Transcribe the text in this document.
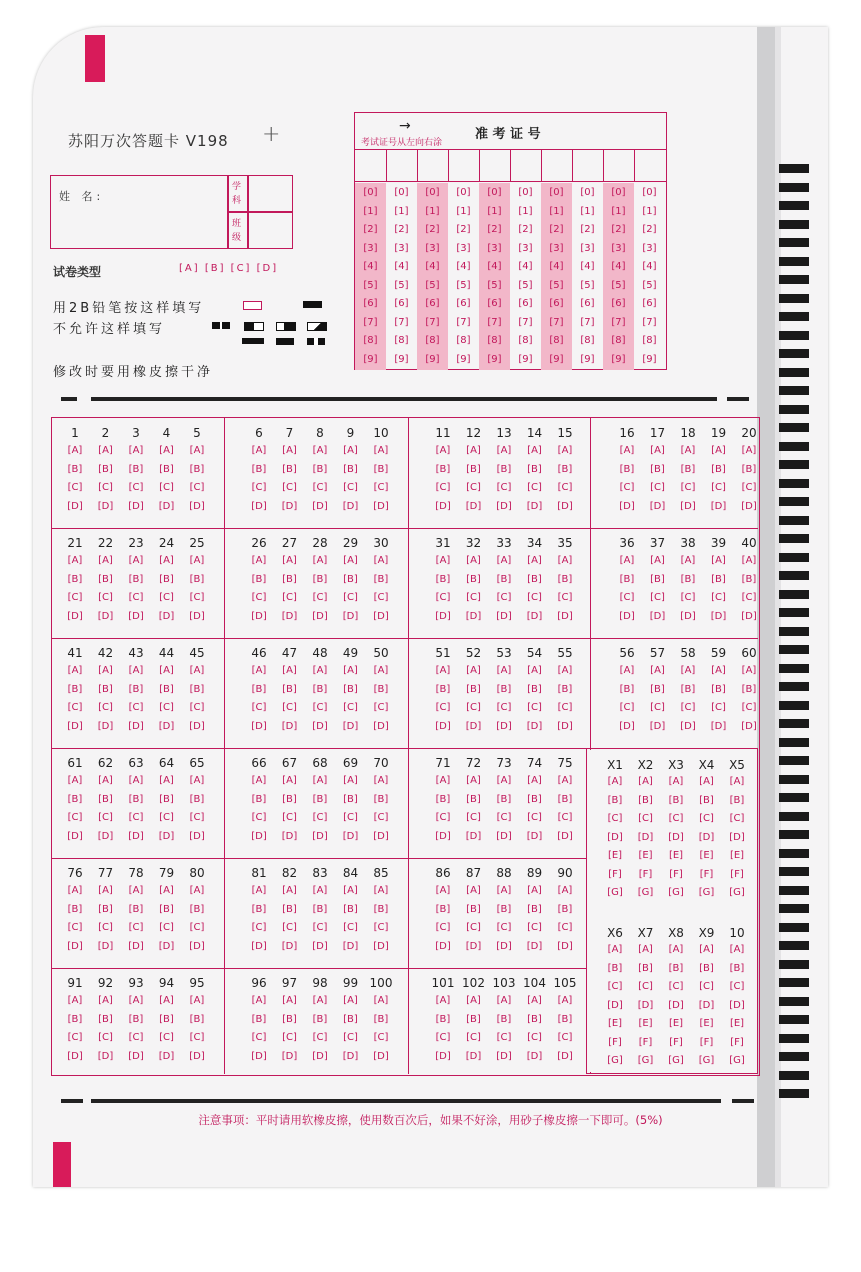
苏阳万次答题卡 V198 +
姓 名:
学
科
班
级
试卷类型	[A] [B] [C] [D]
用2B铅笔按这样填写
不允许这样填写
修改时要用橡皮擦干净
→
考试证号从左向右涂
准 考 证 号
[0]
[1]
[2]
[3]
[4]
[5]
[6]
[7]
[8]
[9]
[0]
[1]
[2]
[3]
[4]
[5]
[6]
[7]
[8]
[9]
[0]
[1]
[2]
[3]
[4]
[5]
[6]
[7]
[8]
[9]
[0]
[1]
[2]
[3]
[4]
[5]
[6]
[7]
[8]
[9]
[0]
[1]
[2]
[3]
[4]
[5]
[6]
[7]
[8]
[9]
[0]
[1]
[2]
[3]
[4]
[5]
[6]
[7]
[8]
[9]
[0]
[1]
[2]
[3]
[4]
[5]
[6]
[7]
[8]
[9]
[0]
[1]
[2]
[3]
[4]
[5]
[6]
[7]
[8]
[9]
[0]
[1]
[2]
[3]
[4]
[5]
[6]
[7]
[8]
[9]
[0]
[1]
[2]
[3]
[4]
[5]
[6]
[7]
[8]
[9]
1
[A]
[B]
[C]
[D]
2
[A]
[B]
[C]
[D]
3
[A]
[B]
[C]
[D]
4
[A]
[B]
[C]
[D]
5
[A]
[B]
[C]
[D]
6
[A]
[B]
[C]
[D]
7
[A]
[B]
[C]
[D]
8
[A]
[B]
[C]
[D]
9
[A]
[B]
[C]
[D]
10
[A]
[B]
[C]
[D]
11
[A]
[B]
[C]
[D]
12
[A]
[B]
[C]
[D]
13
[A]
[B]
[C]
[D]
14
[A]
[B]
[C]
[D]
15
[A]
[B]
[C]
[D]
16
[A]
[B]
[C]
[D]
17
[A]
[B]
[C]
[D]
18
[A]
[B]
[C]
[D]
19
[A]
[B]
[C]
[D]
20
[A]
[B]
[C]
[D]
21
[A]
[B]
[C]
[D]
22
[A]
[B]
[C]
[D]
23
[A]
[B]
[C]
[D]
24
[A]
[B]
[C]
[D]
25
[A]
[B]
[C]
[D]
26
[A]
[B]
[C]
[D]
27
[A]
[B]
[C]
[D]
28
[A]
[B]
[C]
[D]
29
[A]
[B]
[C]
[D]
30
[A]
[B]
[C]
[D]
31
[A]
[B]
[C]
[D]
32
[A]
[B]
[C]
[D]
33
[A]
[B]
[C]
[D]
34
[A]
[B]
[C]
[D]
35
[A]
[B]
[C]
[D]
36
[A]
[B]
[C]
[D]
37
[A]
[B]
[C]
[D]
38
[A]
[B]
[C]
[D]
39
[A]
[B]
[C]
[D]
40
[A]
[B]
[C]
[D]
41
[A]
[B]
[C]
[D]
42
[A]
[B]
[C]
[D]
43
[A]
[B]
[C]
[D]
44
[A]
[B]
[C]
[D]
45
[A]
[B]
[C]
[D]
46
[A]
[B]
[C]
[D]
47
[A]
[B]
[C]
[D]
48
[A]
[B]
[C]
[D]
49
[A]
[B]
[C]
[D]
50
[A]
[B]
[C]
[D]
51
[A]
[B]
[C]
[D]
52
[A]
[B]
[C]
[D]
53
[A]
[B]
[C]
[D]
54
[A]
[B]
[C]
[D]
55
[A]
[B]
[C]
[D]
56
[A]
[B]
[C]
[D]
57
[A]
[B]
[C]
[D]
58
[A]
[B]
[C]
[D]
59
[A]
[B]
[C]
[D]
60
[A]
[B]
[C]
[D]
61
[A]
[B]
[C]
[D]
62
[A]
[B]
[C]
[D]
63
[A]
[B]
[C]
[D]
64
[A]
[B]
[C]
[D]
65
[A]
[B]
[C]
[D]
66
[A]
[B]
[C]
[D]
67
[A]
[B]
[C]
[D]
68
[A]
[B]
[C]
[D]
69
[A]
[B]
[C]
[D]
70
[A]
[B]
[C]
[D]
71
[A]
[B]
[C]
[D]
72
[A]
[B]
[C]
[D]
73
[A]
[B]
[C]
[D]
74
[A]
[B]
[C]
[D]
75
[A]
[B]
[C]
[D]
76
[A]
[B]
[C]
[D]
77
[A]
[B]
[C]
[D]
78
[A]
[B]
[C]
[D]
79
[A]
[B]
[C]
[D]
80
[A]
[B]
[C]
[D]
81
[A]
[B]
[C]
[D]
82
[A]
[B]
[C]
[D]
83
[A]
[B]
[C]
[D]
84
[A]
[B]
[C]
[D]
85
[A]
[B]
[C]
[D]
86
[A]
[B]
[C]
[D]
87
[A]
[B]
[C]
[D]
88
[A]
[B]
[C]
[D]
89
[A]
[B]
[C]
[D]
90
[A]
[B]
[C]
[D]
91
[A]
[B]
[C]
[D]
92
[A]
[B]
[C]
[D]
93
[A]
[B]
[C]
[D]
94
[A]
[B]
[C]
[D]
95
[A]
[B]
[C]
[D]
96
[A]
[B]
[C]
[D]
97
[A]
[B]
[C]
[D]
98
[A]
[B]
[C]
[D]
99
[A]
[B]
[C]
[D]
100
[A]
[B]
[C]
[D]
101
[A]
[B]
[C]
[D]
102
[A]
[B]
[C]
[D]
103
[A]
[B]
[C]
[D]
104
[A]
[B]
[C]
[D]
105
[A]
[B]
[C]
[D]
X1
[A]
[B]
[C]
[D]
[E]
[F]
[G]
X2
[A]
[B]
[C]
[D]
[E]
[F]
[G]
X3
[A]
[B]
[C]
[D]
[E]
[F]
[G]
X4
[A]
[B]
[C]
[D]
[E]
[F]
[G]
X5
[A]
[B]
[C]
[D]
[E]
[F]
[G]
X6
[A]
[B]
[C]
[D]
[E]
[F]
[G]
X7
[A]
[B]
[C]
[D]
[E]
[F]
[G]
X8
[A]
[B]
[C]
[D]
[E]
[F]
[G]
X9
[A]
[B]
[C]
[D]
[E]
[F]
[G]
10
[A]
[B]
[C]
[D]
[E]
[F]
[G]
注意事项：平时请用软橡皮擦，使用数百次后，如果不好涂，用砂子橡皮擦一下即可。(5%)
